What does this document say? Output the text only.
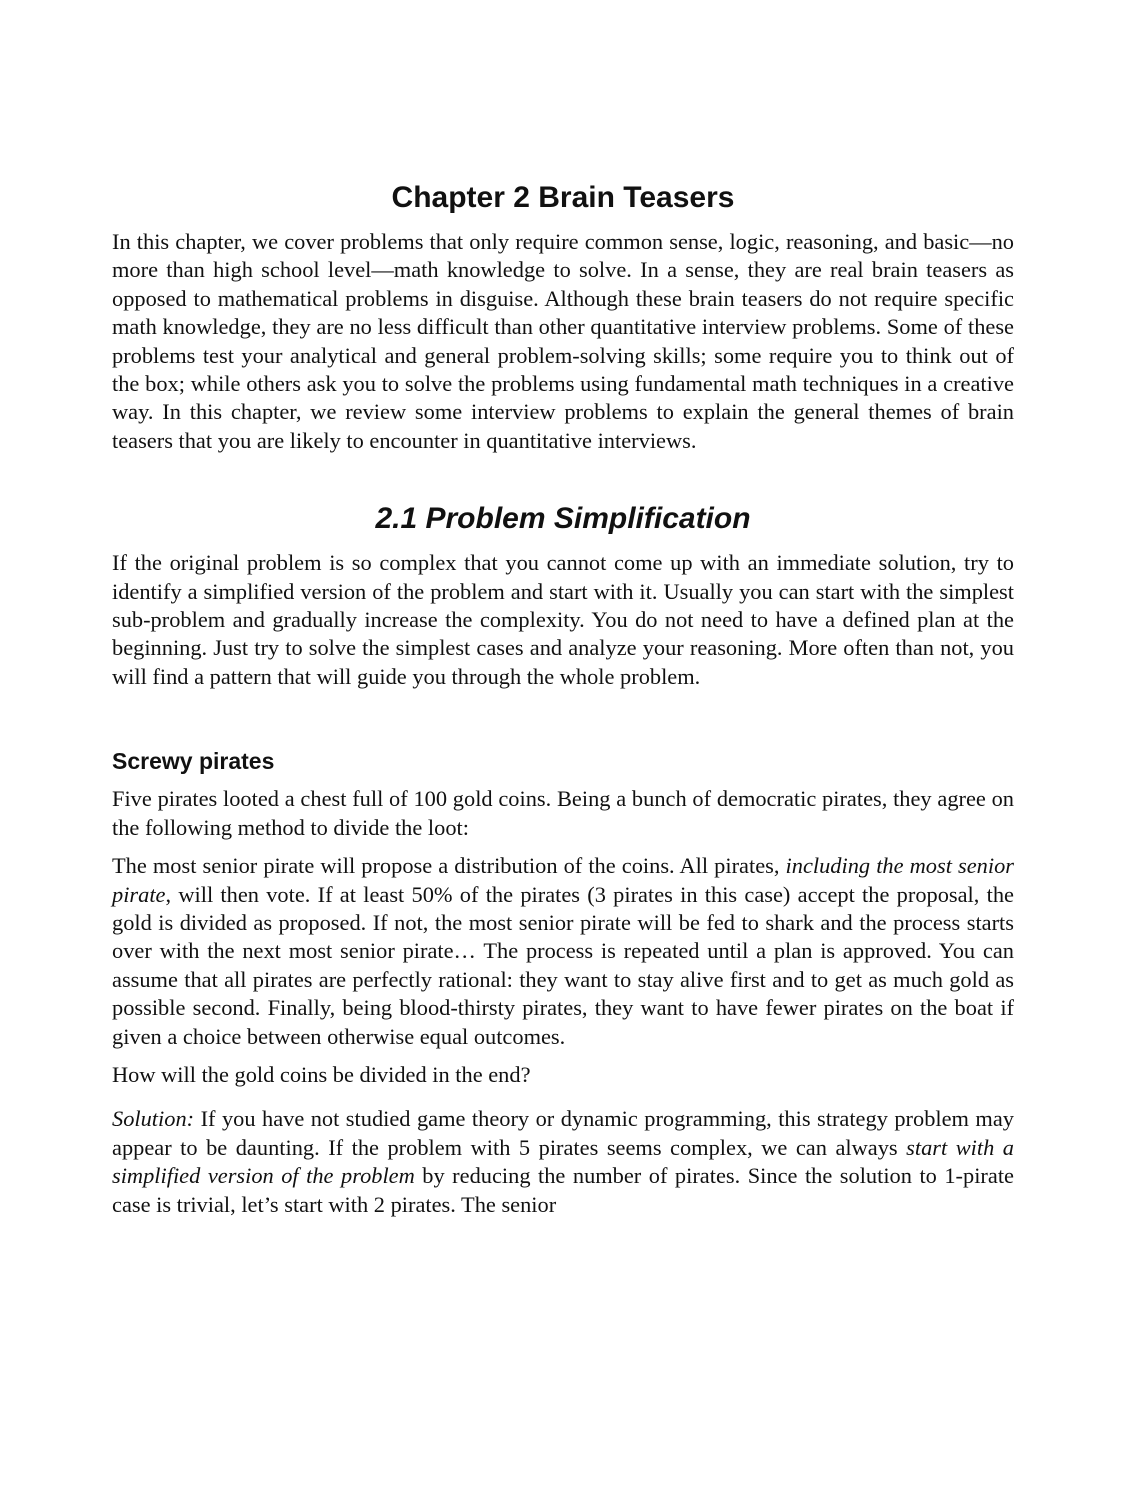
Chapter 2 Brain Teasers

In this chapter, we cover problems that only require common sense, logic, reasoning, and basic—no more than high school level—math knowledge to solve. In a sense, they are real brain teasers as opposed to mathematical problems in disguise. Although these brain teasers do not require specific math knowledge, they are no less difficult than other quantitative interview problems. Some of these problems test your analytical and general problem-solving skills; some require you to think out of the box; while others ask you to solve the problems using fundamental math techniques in a creative way. In this chapter, we review some interview problems to explain the general themes of brain teasers that you are likely to encounter in quantitative interviews.

2.1 Problem Simplification

If the original problem is so complex that you cannot come up with an immediate solution, try to identify a simplified version of the problem and start with it. Usually you can start with the simplest sub-problem and gradually increase the complexity. You do not need to have a defined plan at the beginning. Just try to solve the simplest cases and analyze your reasoning. More often than not, you will find a pattern that will guide you through the whole problem.

Screwy pirates

Five pirates looted a chest full of 100 gold coins. Being a bunch of democratic pirates, they agree on the following method to divide the loot:

The most senior pirate will propose a distribution of the coins. All pirates, including the most senior pirate, will then vote. If at least 50% of the pirates (3 pirates in this case) accept the proposal, the gold is divided as proposed. If not, the most senior pirate will be fed to shark and the process starts over with the next most senior pirate… The process is repeated until a plan is approved. You can assume that all pirates are perfectly rational: they want to stay alive first and to get as much gold as possible second. Finally, being blood-thirsty pirates, they want to have fewer pirates on the boat if given a choice between otherwise equal outcomes.

How will the gold coins be divided in the end?

Solution: If you have not studied game theory or dynamic programming, this strategy problem may appear to be daunting. If the problem with 5 pirates seems complex, we can always start with a simplified version of the problem by reducing the number of pirates. Since the solution to 1-pirate case is trivial, let’s start with 2 pirates. The senior
